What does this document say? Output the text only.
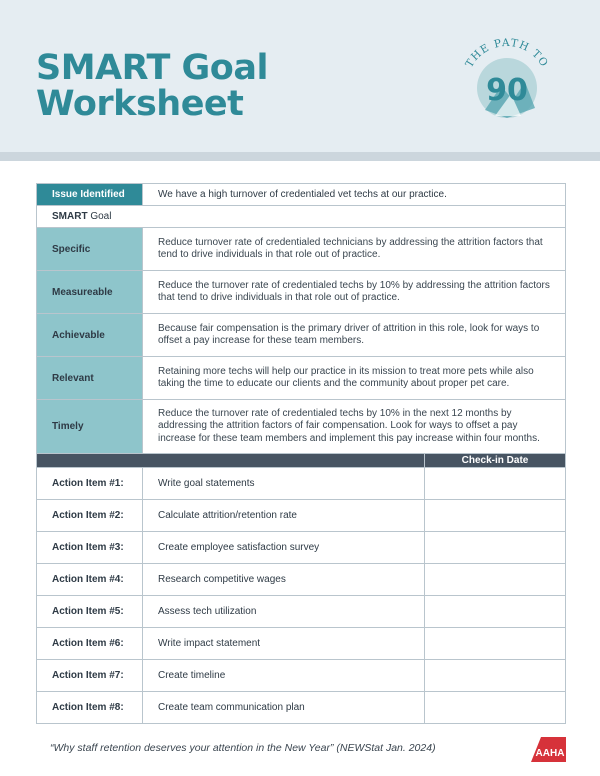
SMART Goal
Worksheet
THE PATH TO
90
Issue Identified	We have a high turnover of credentialed vet techs at our practice.	
SMART Goal		
Specific	Reduce turnover rate of credentialed technicians by addressing the attrition factors that tend to drive individuals in that role out of practice.	
Measureable	Reduce the turnover rate of credentialed techs by 10% by addressing the attrition factors that tend to drive individuals in that role out of practice.	
Achievable	Because fair compensation is the primary driver of attrition in this role, look for ways to offset a pay increase for these team members.	
Relevant	Retaining more techs will help our practice in its mission to treat more pets while also taking the time to educate our clients and the community about proper pet care.	
Timely	Reduce the turnover rate of credentialed techs by 10% in the next 12 months by addressing the attrition factors of fair compensation. Look for ways to offset a pay increase for these team members and implement this pay increase within four months.	
		Check-in Date
Action Item #1:	Write goal statements	
Action Item #2:	Calculate attrition/retention rate	
Action Item #3:	Create employee satisfaction survey	
Action Item #4:	Research competitive wages	
Action Item #5:	Assess tech utilization	
Action Item #6:	Write impact statement	
Action Item #7:	Create timeline	
Action Item #8:	Create team communication plan	
“Why staff retention deserves your attention in the New Year” (NEWStat Jan. 2024)	AAHA
